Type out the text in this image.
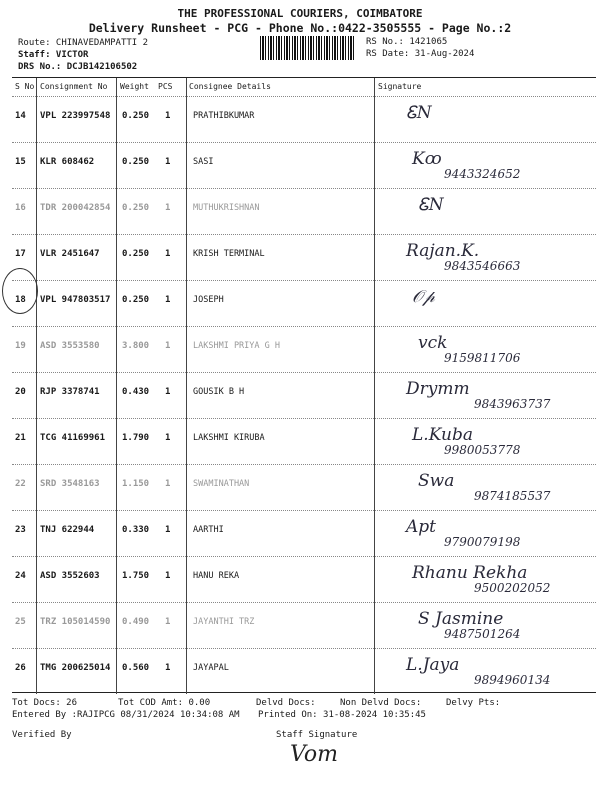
THE PROFESSIONAL COURIERS, COIMBATORE
Delivery Runsheet - PCG - Phone No.:0422-3505555 - Page No.:2
Route: CHINAVEDAMPATTI 2
Staff: VICTOR
DRS No.: DCJB142106502
RS No.: 1421065
RS Date: 31-Aug-2024
S No Consignment No Weight PCS Consignee Details	Signature
14 VPL 223997548 0.250 1	PRATHIBKUMAR	ᏋN
15 KLR 608462	0.250 1	SASI	Kꝏ
9443324652
16 TDR 200042854 0.250 1	MUTHUKRISHNAN	ᏋN
17 VLR 2451647 0.250 1	KRISH TERMINAL	Rajan.K.
9843546663
18 VPL 947803517 0.250 1	JOSEPH	𝒪𝓅
19 ASD 3553580 3.800 1	LAKSHMI PRIYA G H	vck
9159811706
20 RJP 3378741 0.430 1	GOUSIK B H	Drymm
9843963737
21 TCG 41169961 1.790 1	LAKSHMI KIRUBA	L.Kuba
9980053778
22 SRD 3548163 1.150 1	SWAMINATHAN	Swa
9874185537
23 TNJ 622944	0.330 1	AARTHI	Apt
9790079198
24 ASD 3552603 1.750 1	HANU REKA	Rhanu Rekha
9500202052
25 TRZ 105014590 0.490 1	JAYANTHI TRZ	S Jasmine
9487501264
26 TMG 200625014 0.560 1	JAYAPAL	L.Jaya
9894960134
Tot Docs: 26	Tot COD Amt: 0.00	Delvd Docs:	Non Delvd Docs:	Delvy Pts:
Entered By :RAJIPCG 08/31/2024 10:34:08 AM Printed On: 31-08-2024 10:35:45
Verified By	Staff Signature
Vom
